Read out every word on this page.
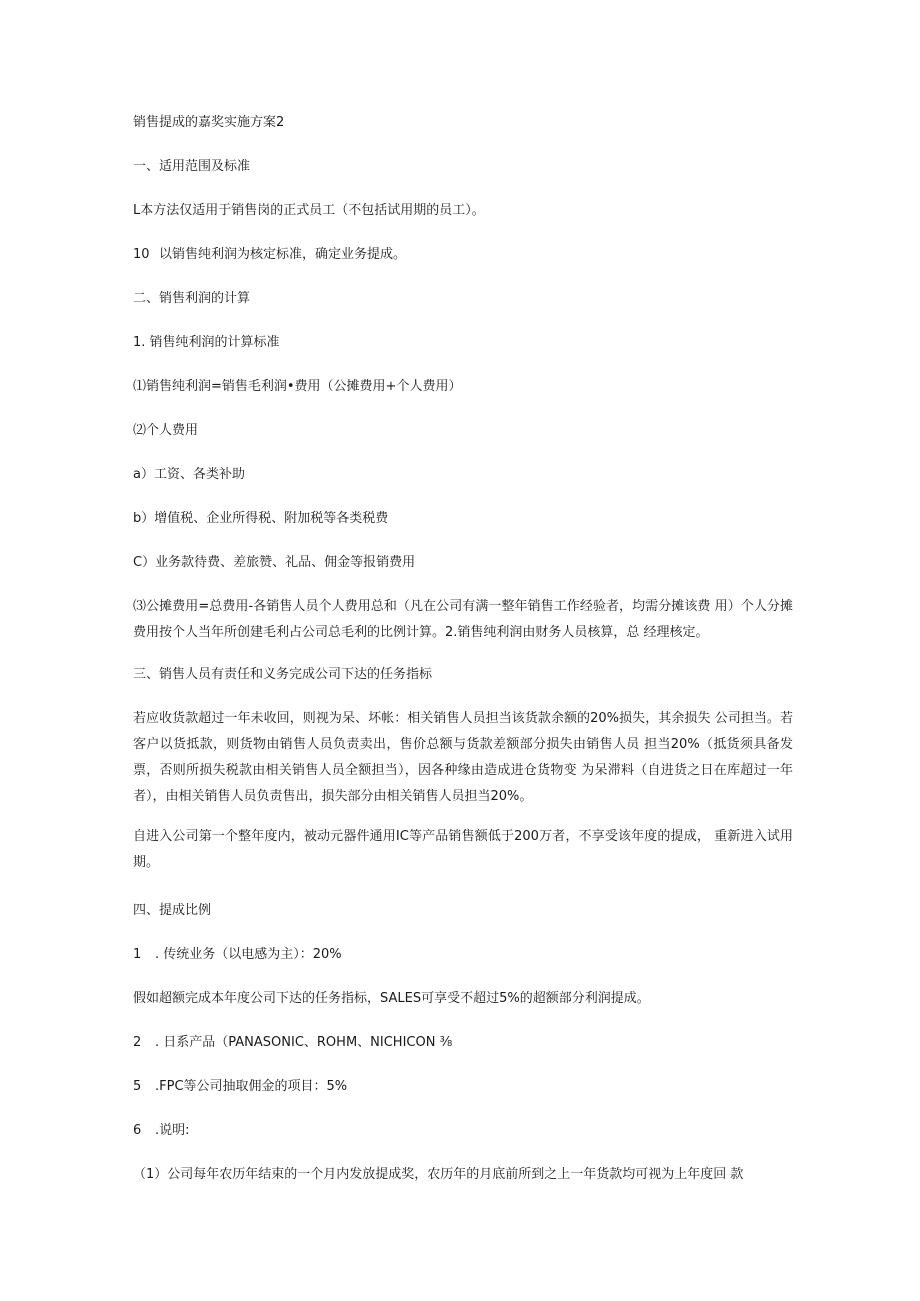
销售提成的嘉奖实施方案2

一、适用范围及标准

L本方法仅适用于销售岗的正式员工（不包括试用期的员工）。

10 以销售纯利润为核定标准，确定业务提成。

二、销售利润的计算

1. 销售纯利润的计算标准

⑴销售纯利润=销售毛利润•费用（公摊费用+个人费用）

⑵个人费用

a）工资、各类补助

b）增值税、企业所得税、附加税等各类税费

C）业务款待费、差旅赞、礼品、佣金等报销费用

⑶公摊费用=总费用-各销售人员个人费用总和（凡在公司有满一整年销售工作经验者，均需分摊该费 用）个人分摊费用按个人当年所创建毛利占公司总毛利的比例计算。2.销售纯利润由财务人员核算，总 经理核定。

三、销售人员有责任和义务完成公司下达的任务指标

若应收货款超过一年未收回，则视为呆、坏帐：相关销售人员担当该货款余额的20%损失，其余损失 公司担当。若客户以货抵款，则货物由销售人员负责卖出，售价总额与货款差额部分损失由销售人员 担当20%（抵货须具备发票，否则所损失税款由相关销售人员全额担当），因各种缘由造成进仓货物变 为呆滞料（自进货之日在库超过一年者），由相关销售人员负责售出，损失部分由相关销售人员担当20%。

自进入公司第一个整年度内，被动元器件通用IC等产品销售额低于200万者，不享受该年度的提成， 重新进入试用期。

四、提成比例

1 . 传统业务（以电感为主）：20%

假如超额完成本年度公司下达的任务指标，SALES可享受不超过5%的超额部分利润提成。

2 . 日系产品（PANASONIC、ROHM、NICHICON ⅜

5 .FPC等公司抽取佣金的项目：5%

6 .说明:

（1）公司每年农历年结束的一个月内发放提成奖，农历年的月底前所到之上一年货款均可视为上年度回 款
